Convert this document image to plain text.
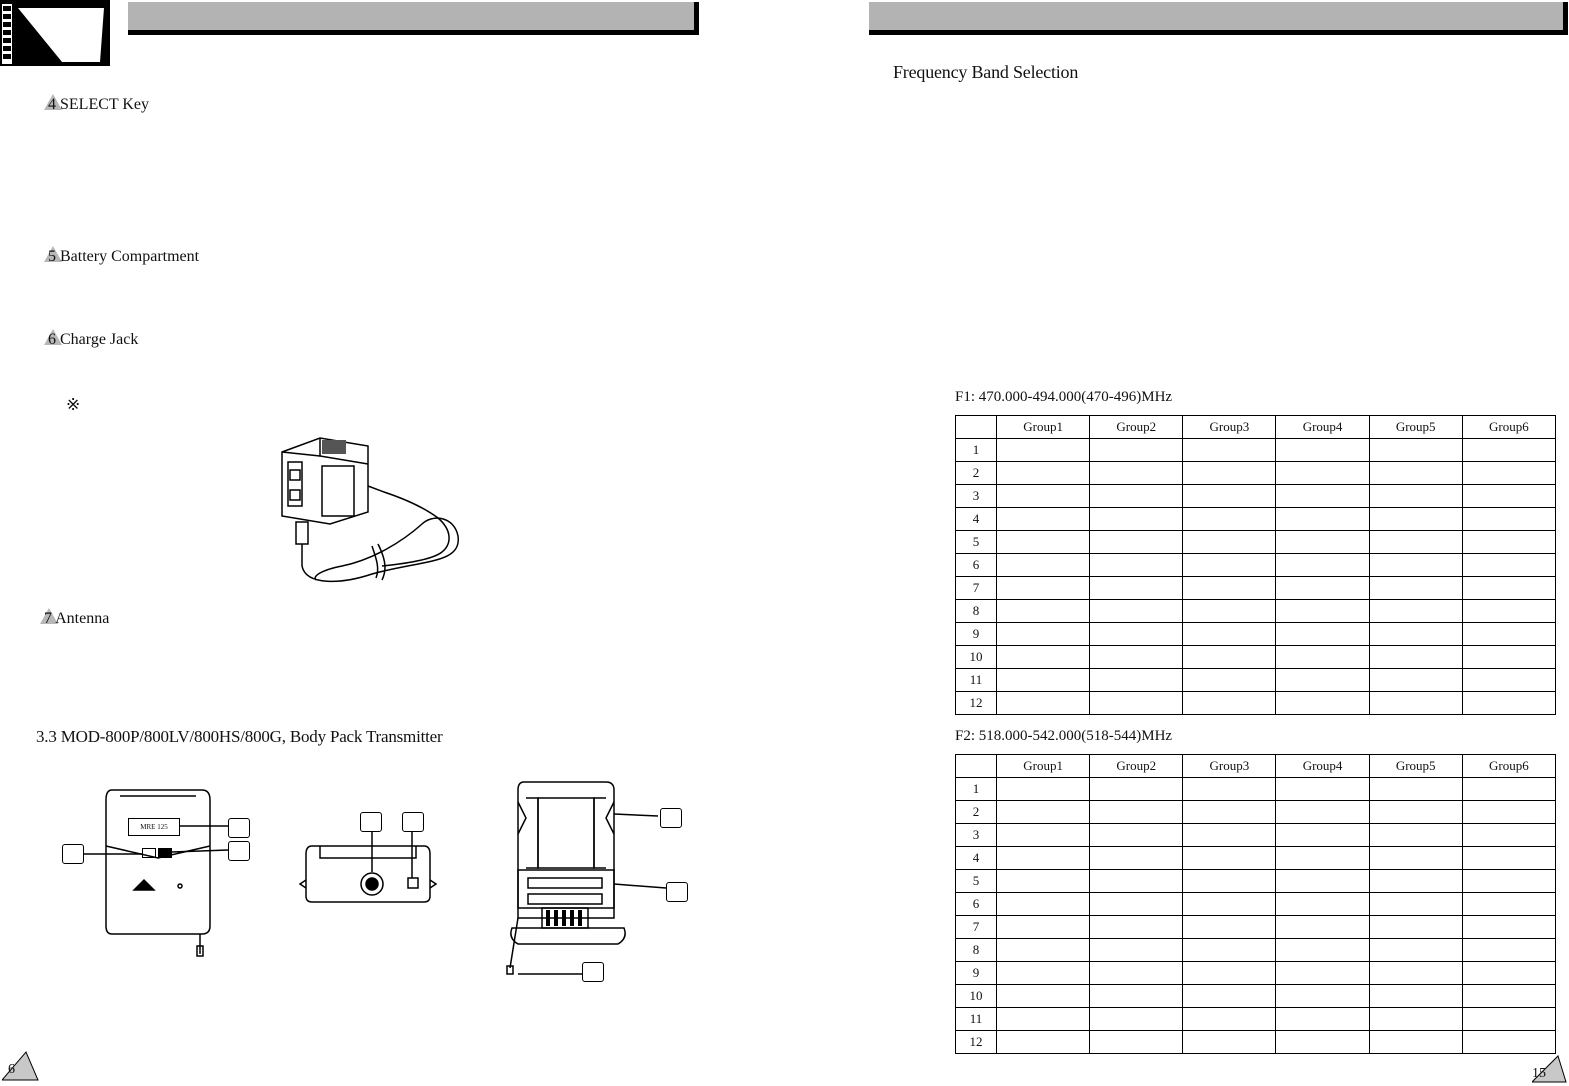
4 SELECT Key
5 Battery Compartment
6 Charge Jack
※
7 Antenna
3.3 MOD-800P/800LV/800HS/800G, Body Pack Transmitter
MRE 125
6
Frequency Band Selection
F1: 470.000-494.000(470-496)MHz
	Group1	Group2	Group3	Group4	Group5	Group6
1						
2						
3						
4						
5						
6						
7						
8						
9						
10						
11						
12						
F2: 518.000-542.000(518-544)MHz
	Group1	Group2	Group3	Group4	Group5	Group6
1						
2						
3						
4						
5						
6						
7						
8						
9						
10						
11						
12						
15
